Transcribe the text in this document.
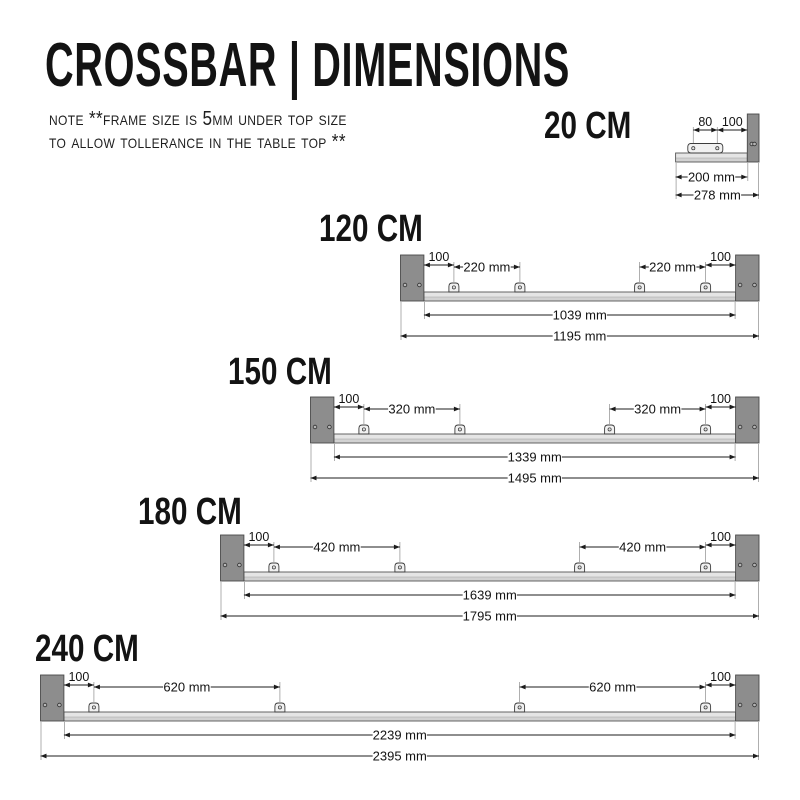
CROSSBAR | DIMENSIONS
note **frame size is 5mm under top size
to allow tollerance in the table top **	20 CM
120 CM
150 CM
180 CM
240 CM
80 100
200 mm
278 mm
100	100
220 mm	220 mm
1039 mm
1195 mm
100	100
320 mm	320 mm
1339 mm
1495 mm
100	100
420 mm	420 mm
1639 mm
1795 mm
100	100
620 mm	620 mm
2239 mm
2395 mm
